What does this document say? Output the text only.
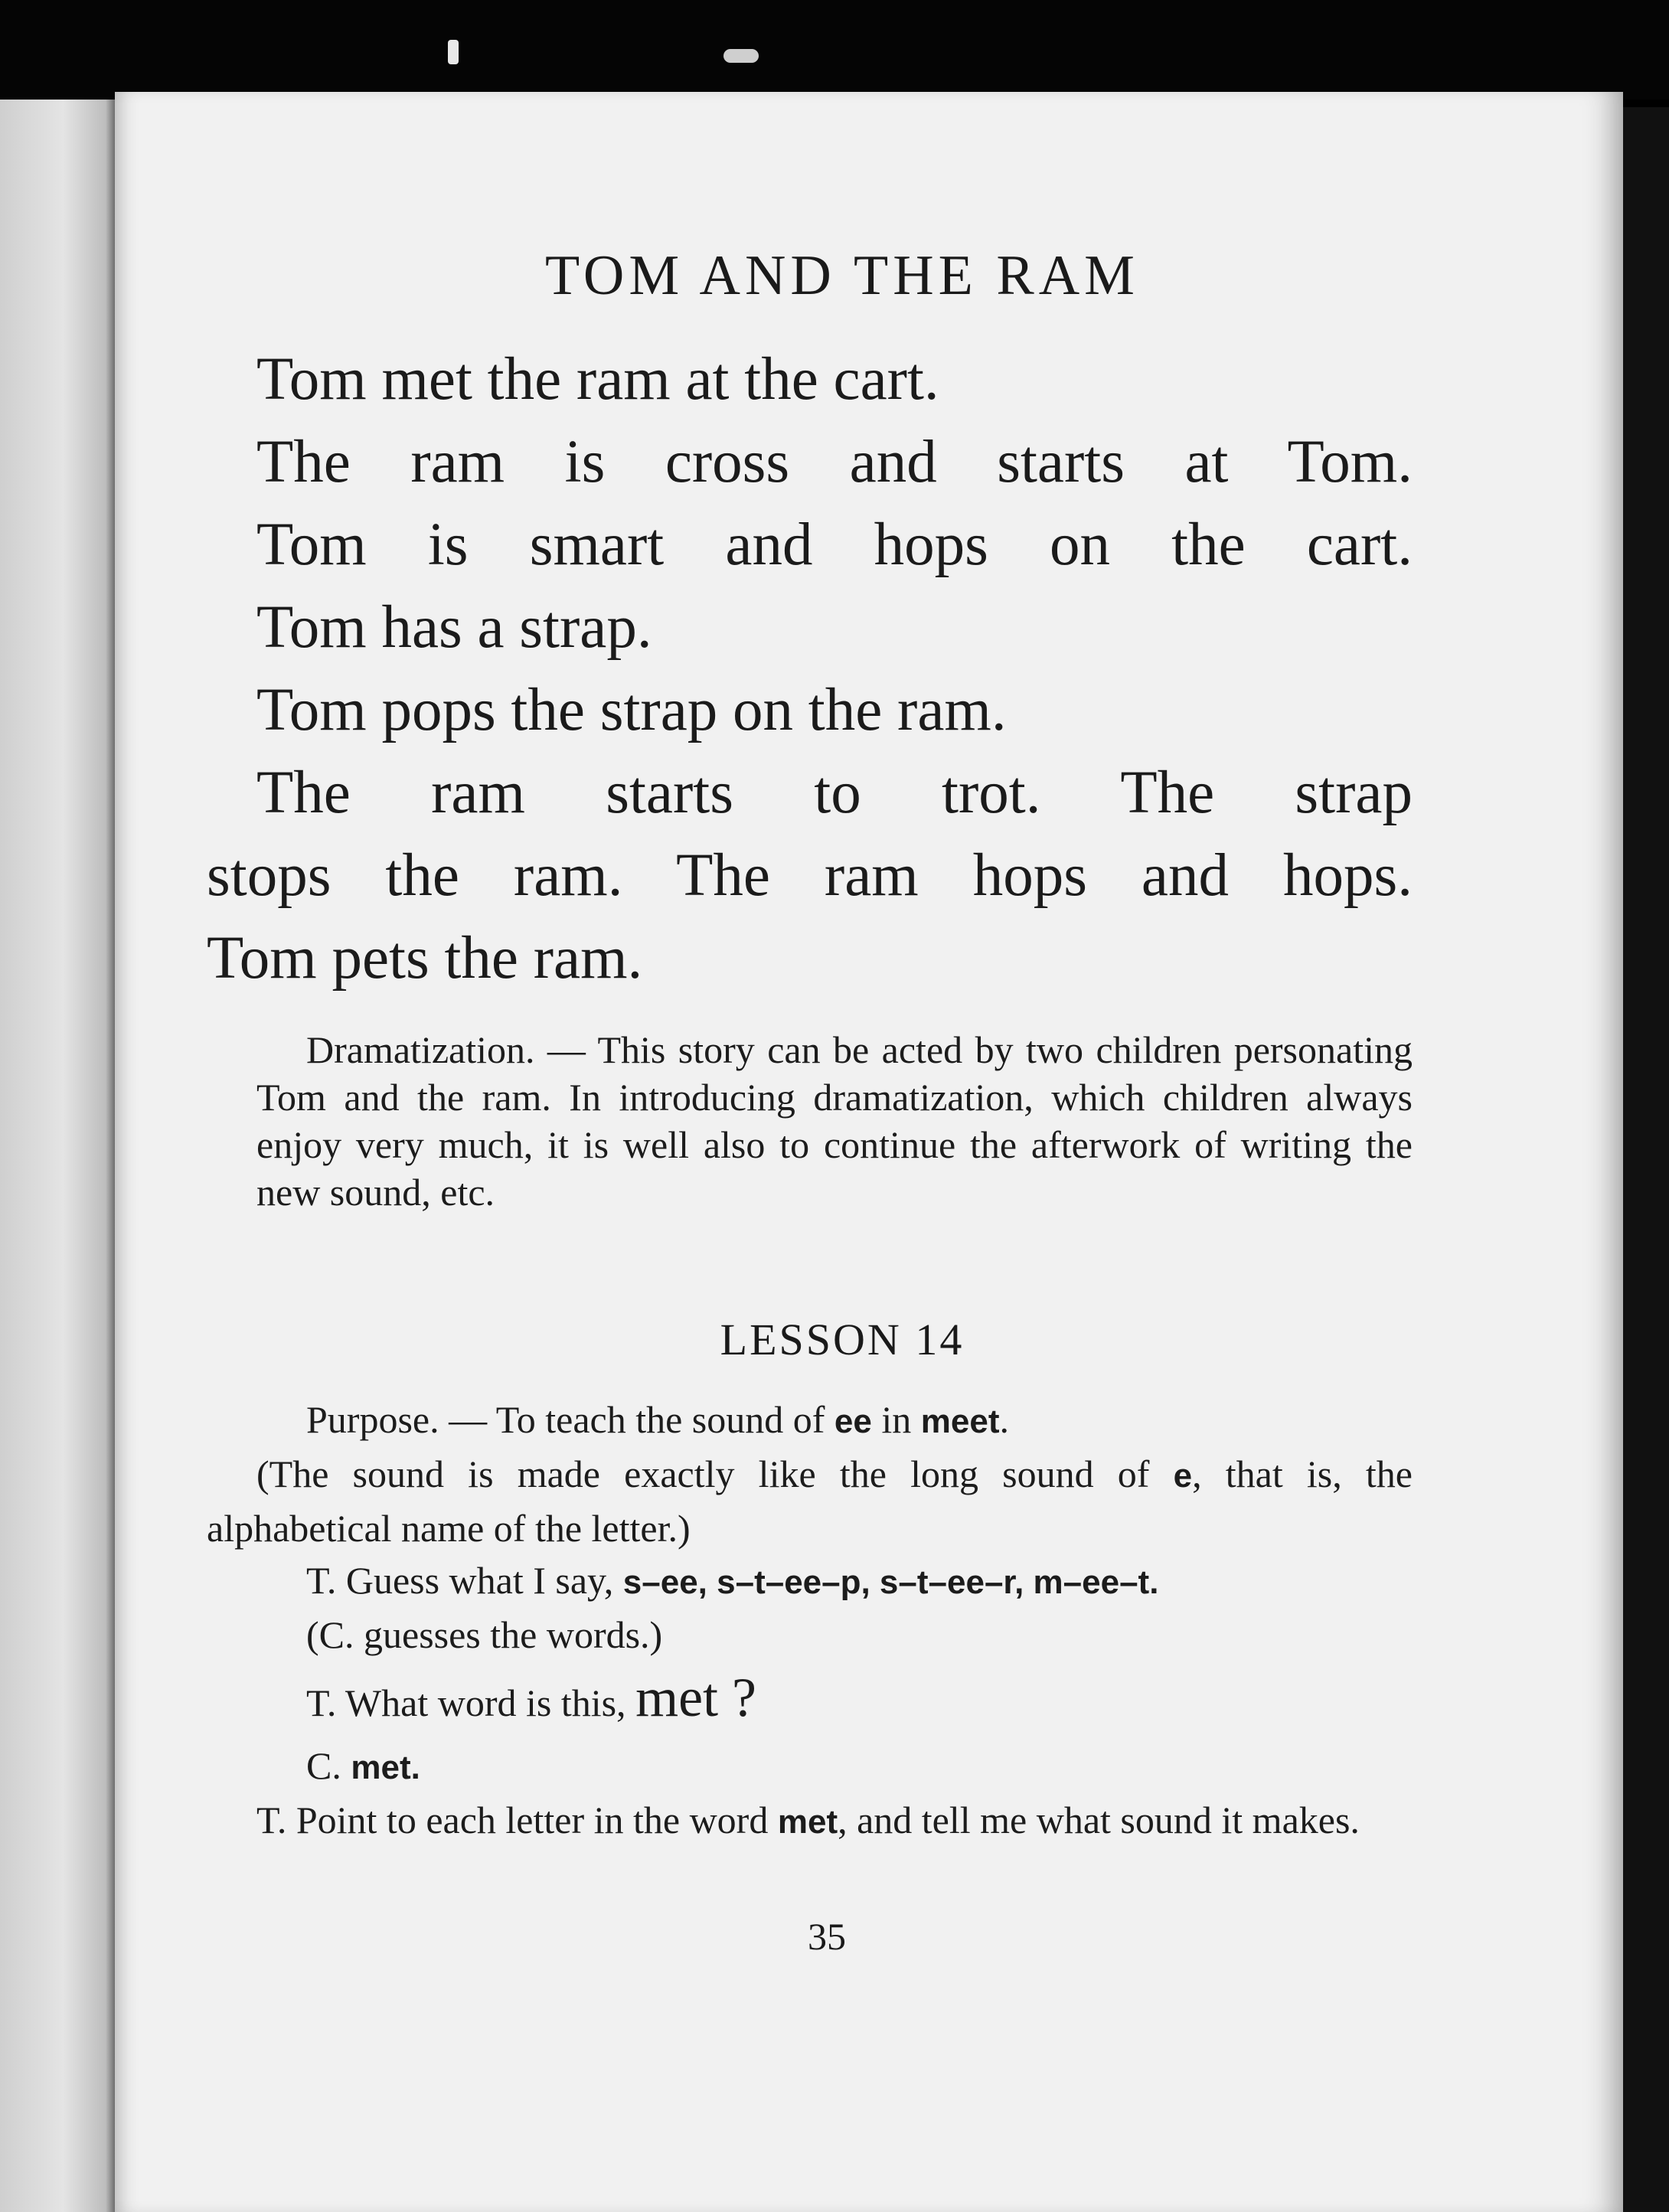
TOM AND THE RAM
Tom met the ram at the cart.
The ram is cross and starts at Tom.
Tom is smart and hops on the cart.
Tom has a strap.
Tom pops the strap on the ram.
The ram starts to trot. The strap
stops the ram. The ram hops and hops.
Tom pets the ram.
Dramatization. — This story can be acted by two children personating Tom and the ram. In introducing dramatization, which children always enjoy very much, it is well also to continue the afterwork of writing the new sound, etc.
LESSON 14
Purpose. — To teach the sound of ee in meet.
(The sound is made exactly like the long sound of e, that is, the alphabetical name of the letter.)
T. Guess what I say, s–ee, s–t–ee–p, s–t–ee–r, m–ee–t.
(C. guesses the words.)
T. What word is this, met ?
C. met.
T. Point to each letter in the word met, and tell me what sound it makes.
35
